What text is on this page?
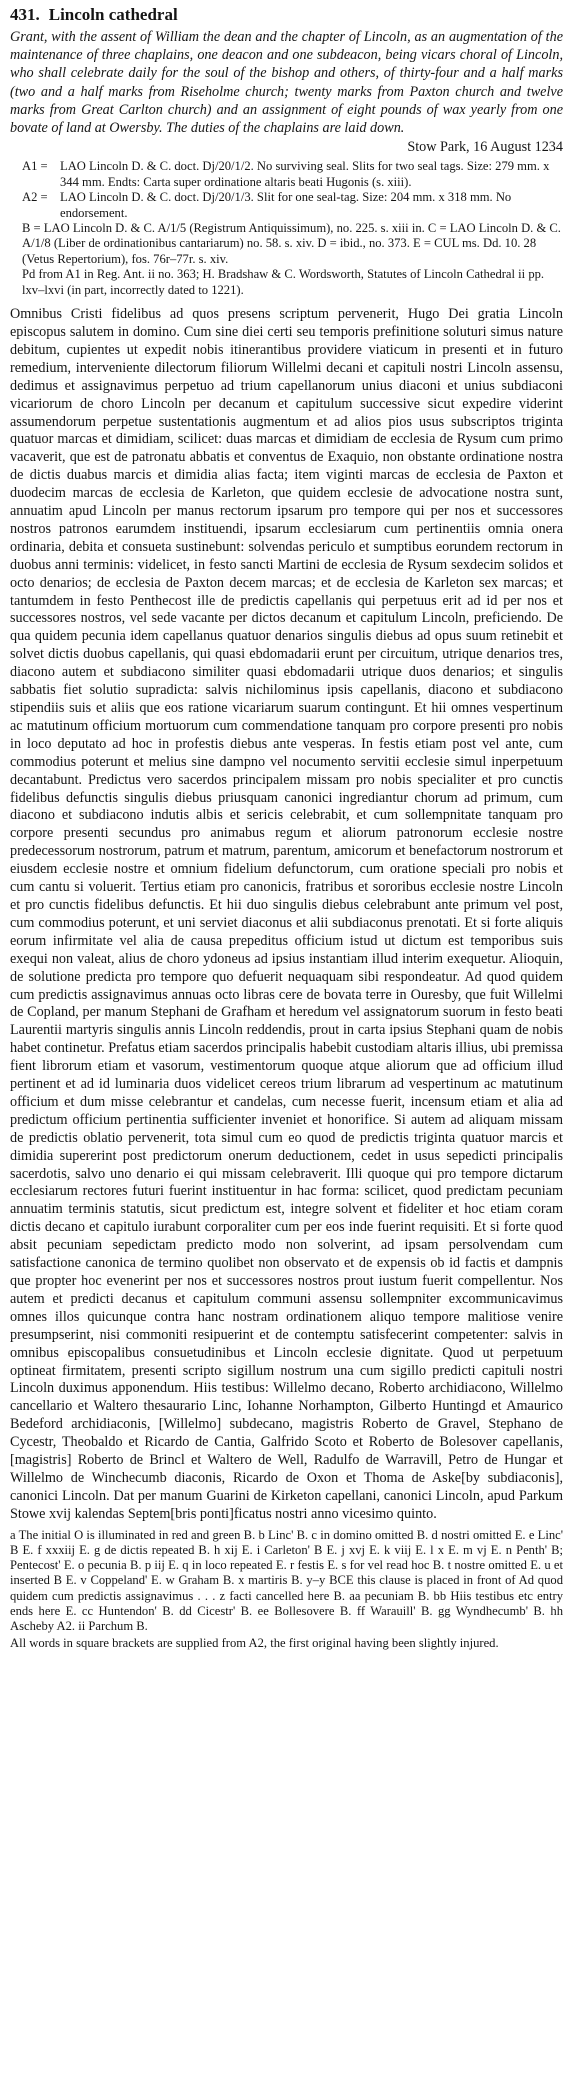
431. Lincoln cathedral

Grant, with the assent of William the dean and the chapter of Lincoln, as an augmentation of the maintenance of three chaplains, one deacon and one subdeacon, being vicars choral of Lincoln, who shall celebrate daily for the soul of the bishop and others, of thirty-four and a half marks (two and a half marks from Riseholme church; twenty marks from Paxton church and twelve marks from Great Carlton church) and an assignment of eight pounds of wax yearly from one bovate of land at Owersby. The duties of the chaplains are laid down.

Stow Park, 16 August 1234
A1 = LAO Lincoln D. & C. doct. Dj/20/1/2. No surviving seal. Slits for two seal tags. Size: 279 mm. x 344 mm. Endts: Carta super ordinatione altaris beati Hugonis (s. xiii).
A2 = LAO Lincoln D. & C. doct. Dj/20/1/3. Slit for one seal-tag. Size: 204 mm. x 318 mm. No endorsement.
B = LAO Lincoln D. & C. A/1/5 (Registrum Antiquissimum), no. 225. s. xiii in. C = LAO Lincoln D. & C. A/1/8 (Liber de ordinationibus cantariarum) no. 58. s. xiv. D = ibid., no. 373. E = CUL ms. Dd. 10. 28 (Vetus Repertorium), fos. 76r–77r. s. xiv.
Pd from A1 in Reg. Ant. ii no. 363; H. Bradshaw & C. Wordsworth, Statutes of Lincoln Cathedral ii pp. lxv–lxvi (in part, incorrectly dated to 1221).

Omnibus Cristi fidelibus ad quos presens scriptum pervenerit, Hugo Dei gratia Lincoln episcopus salutem in domino. Cum sine diei certi seu temporis prefinitione soluturi simus nature debitum, cupientes ut expedit nobis itinerantibus providere viaticum in presenti et in futuro remedium, interveniente dilectorum filiorum Willelmi decani et capituli nostri Lincoln assensu, dedimus et assignavimus perpetuo ad trium capellanorum unius diaconi et unius subdiaconi vicariorum de choro Lincoln per decanum et capitulum successive sicut expedire viderint assumendorum perpetue sustentationis augmentum et ad alios pios usus subscriptos triginta quatuor marcas et dimidiam, scilicet: duas marcas et dimidiam de ecclesia de Rysum cum primo vacaverit, que est de patronatu abbatis et conventus de Exaquio, non obstante ordinatione nostra de dictis duabus marcis et dimidia alias facta; item viginti marcas de ecclesia de Paxton et duodecim marcas de ecclesia de Karleton, que quidem ecclesie de advocatione nostra sunt, annuatim apud Lincoln per manus rectorum ipsarum pro tempore qui per nos et successores nostros patronos earumdem instituendi, ipsarum ecclesiarum cum pertinentiis omnia onera ordinaria, debita et consueta sustinebunt: solvendas periculo et sumptibus eorundem rectorum in duobus anni terminis: videlicet, in festo sancti Martini de ecclesia de Rysum sexdecim solidos et octo denarios; de ecclesia de Paxton decem marcas; et de ecclesia de Karleton sex marcas; et tantumdem in festo Penthecost ille de predictis capellanis qui perpetuus erit ad id per nos et successores nostros, vel sede vacante per dictos decanum et capitulum Lincoln, preficiendo. De qua quidem pecunia idem capellanus quatuor denarios singulis diebus ad opus suum retinebit et solvet dictis duobus capellanis, qui quasi ebdomadarii erunt per circuitum, utrique denarios tres, diacono autem et subdiacono similiter quasi ebdomadarii utrique duos denarios; et singulis sabbatis fiet solutio supradicta: salvis nichilominus ipsis capellanis, diacono et subdiacono stipendiis suis et aliis que eos ratione vicariarum suarum contingunt. Et hii omnes vespertinum ac matutinum officium mortuorum cum commendatione tanquam pro corpore presenti pro nobis in loco deputato ad hoc in profestis diebus ante vesperas. In festis etiam post vel ante, cum commodius poterunt et melius sine dampno vel nocumento servitii ecclesie simul inperpetuum decantabunt. Predictus vero sacerdos principalem missam pro nobis specialiter et pro cunctis fidelibus defunctis singulis diebus priusquam canonici ingrediantur chorum ad primum, cum diacono et subdiacono indutis albis et sericis celebrabit, et cum sollempnitate tanquam pro corpore presenti secundus pro animabus regum et aliorum patronorum ecclesie nostre predecessorum nostrorum, patrum et matrum, parentum, amicorum et benefactorum nostrorum et eiusdem ecclesie nostre et omnium fidelium defunctorum, cum oratione speciali pro nobis et cum cantu si voluerit. Tertius etiam pro canonicis, fratribus et sororibus ecclesie nostre Lincoln et pro cunctis fidelibus defunctis. Et hii duo singulis diebus celebrabunt ante primum vel post, cum commodius poterunt, et uni serviet diaconus et alii subdiaconus prenotati. Et si forte aliquis eorum infirmitate vel alia de causa prepeditus officium istud ut dictum est temporibus suis exequi non valeat, alius de choro ydoneus ad ipsius instantiam illud interim exequetur. Alioquin, de solutione predicta pro tempore quo defuerit nequaquam sibi respondeatur. Ad quod quidem cum predictis assignavimus annuas octo libras cere de bovata terre in Ouresby, que fuit Willelmi de Copland, per manum Stephani de Grafham et heredum vel assignatorum suorum in festo beati Laurentii martyris singulis annis Lincoln reddendis, prout in carta ipsius Stephani quam de nobis habet continetur. Prefatus etiam sacerdos principalis habebit custodiam altaris illius, ubi premissa fient librorum etiam et vasorum, vestimentorum quoque atque aliorum que ad officium illud pertinent et ad id luminaria duos videlicet cereos trium librarum ad vespertinum ac matutinum officium et dum misse celebrantur et candelas, cum necesse fuerit, incensum etiam et alia ad predictum officium pertinentia sufficienter inveniet et honorifice. Si autem ad aliquam missam de predictis oblatio pervenerit, tota simul cum eo quod de predictis triginta quatuor marcis et dimidia supererint post predictorum onerum deductionem, cedet in usus sepedicti principalis sacerdotis, salvo uno denario ei qui missam celebraverit. Illi quoque qui pro tempore dictarum ecclesiarum rectores futuri fuerint instituentur in hac forma: scilicet, quod predictam pecuniam annuatim terminis statutis, sicut predictum est, integre solvent et fideliter et hoc etiam coram dictis decano et capitulo iurabunt corporaliter cum per eos inde fuerint requisiti. Et si forte quod absit pecuniam sepedictam predicto modo non solverint, ad ipsam persolvendam cum satisfactione canonica de termino quolibet non observato et de expensis ob id factis et dampnis que propter hoc evenerint per nos et successores nostros prout iustum fuerit compellentur. Nos autem et predicti decanus et capitulum communi assensu sollempniter excommunicavimus omnes illos quicunque contra hanc nostram ordinationem aliquo tempore malitiose venire presumpserint, nisi commoniti resipuerint et de contemptu satisfecerint competenter: salvis in omnibus episcopalibus consuetudinibus et Lincoln ecclesie dignitate. Quod ut perpetuum optineat firmitatem, presenti scripto sigillum nostrum una cum sigillo predicti capituli nostri Lincoln duximus apponendum. Hiis testibus: Willelmo decano, Roberto archidiacono, Willelmo cancellario et Waltero thesaurario Linc, Iohanne Norhampton, Gilberto Huntingd et Amaurico Bedeford archidiaconis, [Willelmo] subdecano, magistris Roberto de Gravel, Stephano de Cycestr, Theobaldo et Ricardo de Cantia, Galfrido Scoto et Roberto de Bolesover capellanis, [magistris] Roberto de Brincl et Waltero de Well, Radulfo de Warravill, Petro de Hungar et Willelmo de Winchecumb diaconis, Ricardo de Oxon et Thoma de Aske[by subdiaconis], canonici Lincoln. Dat per manum Guarini de Kirketon capellani, canonici Lincoln, apud Parkum Stowe xvij kalendas Septem[bris ponti]ficatus nostri anno vicesimo quinto.

a The initial O is illuminated in red and green B. b Linc' B. c in domino omitted B. d nostri omitted E. e Linc' B E. f xxxiij E. g de dictis repeated B. h xij E. i Carleton' B E. j xvj E. k viij E. l x E. m vj E. n Penth' B; Pentecost' E. o pecunia B. p iij E. q in loco repeated E. r festis E. s for vel read hoc B. t nostre omitted E. u et inserted B E. v Coppeland' E. w Graham B. x martiris B. y–y BCE this clause is placed in front of Ad quod quidem cum predictis assignavimus . . . z facti cancelled here B. aa pecuniam B. bb Hiis testibus etc entry ends here E. cc Huntendon' B. dd Cicestr' B. ee Bollesovere B. ff Warauill' B. gg Wyndhecumb' B. hh Ascheby A2. ii Parchum B.

All words in square brackets are supplied from A2, the first original having been slightly injured.
